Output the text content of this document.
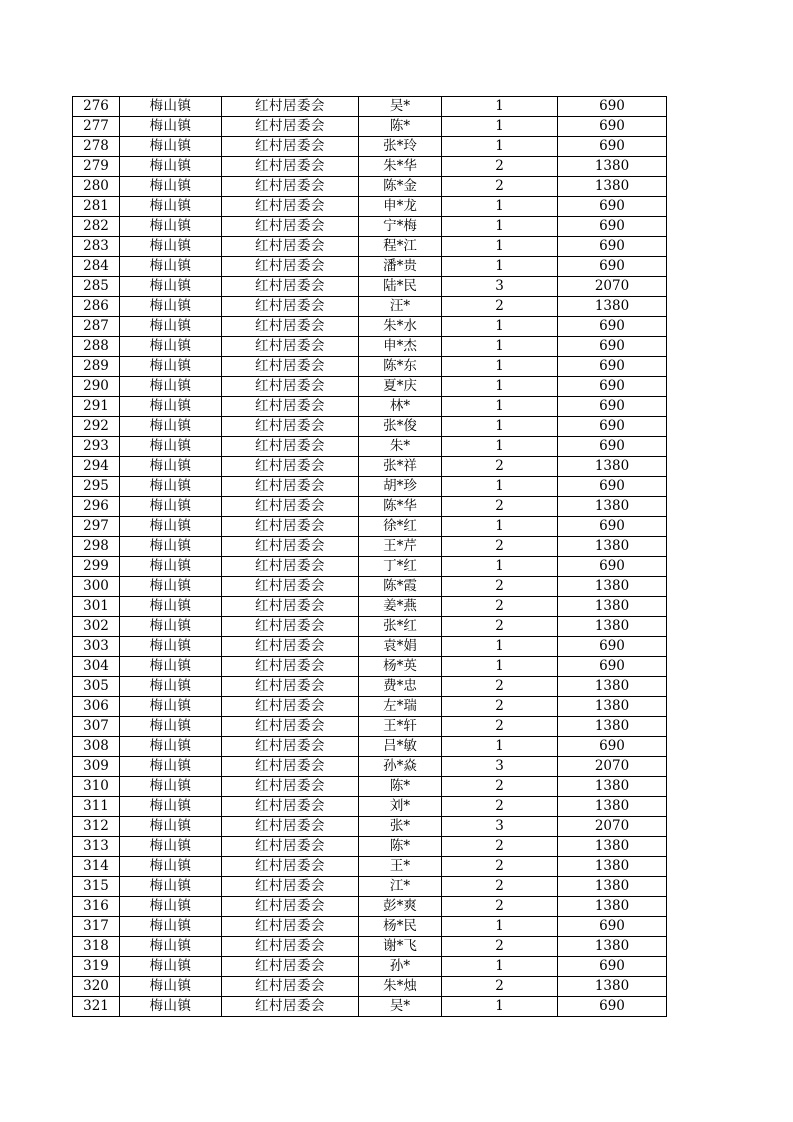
276	梅山镇	红村居委会	吴*	1	690
277	梅山镇	红村居委会	陈*	1	690
278	梅山镇	红村居委会	张*玲	1	690
279	梅山镇	红村居委会	朱*华	2	1380
280	梅山镇	红村居委会	陈*金	2	1380
281	梅山镇	红村居委会	申*龙	1	690
282	梅山镇	红村居委会	宁*梅	1	690
283	梅山镇	红村居委会	程*江	1	690
284	梅山镇	红村居委会	潘*贵	1	690
285	梅山镇	红村居委会	陆*民	3	2070
286	梅山镇	红村居委会	汪*	2	1380
287	梅山镇	红村居委会	朱*水	1	690
288	梅山镇	红村居委会	申*杰	1	690
289	梅山镇	红村居委会	陈*东	1	690
290	梅山镇	红村居委会	夏*庆	1	690
291	梅山镇	红村居委会	林*	1	690
292	梅山镇	红村居委会	张*俊	1	690
293	梅山镇	红村居委会	朱*	1	690
294	梅山镇	红村居委会	张*祥	2	1380
295	梅山镇	红村居委会	胡*珍	1	690
296	梅山镇	红村居委会	陈*华	2	1380
297	梅山镇	红村居委会	徐*红	1	690
298	梅山镇	红村居委会	王*芹	2	1380
299	梅山镇	红村居委会	丁*红	1	690
300	梅山镇	红村居委会	陈*霞	2	1380
301	梅山镇	红村居委会	姜*燕	2	1380
302	梅山镇	红村居委会	张*红	2	1380
303	梅山镇	红村居委会	袁*娟	1	690
304	梅山镇	红村居委会	杨*英	1	690
305	梅山镇	红村居委会	费*忠	2	1380
306	梅山镇	红村居委会	左*瑞	2	1380
307	梅山镇	红村居委会	王*轩	2	1380
308	梅山镇	红村居委会	吕*敏	1	690
309	梅山镇	红村居委会	孙*焱	3	2070
310	梅山镇	红村居委会	陈*	2	1380
311	梅山镇	红村居委会	刘*	2	1380
312	梅山镇	红村居委会	张*	3	2070
313	梅山镇	红村居委会	陈*	2	1380
314	梅山镇	红村居委会	王*	2	1380
315	梅山镇	红村居委会	江*	2	1380
316	梅山镇	红村居委会	彭*爽	2	1380
317	梅山镇	红村居委会	杨*民	1	690
318	梅山镇	红村居委会	谢*飞	2	1380
319	梅山镇	红村居委会	孙*	1	690
320	梅山镇	红村居委会	朱*烛	2	1380
321	梅山镇	红村居委会	吴*	1	690
